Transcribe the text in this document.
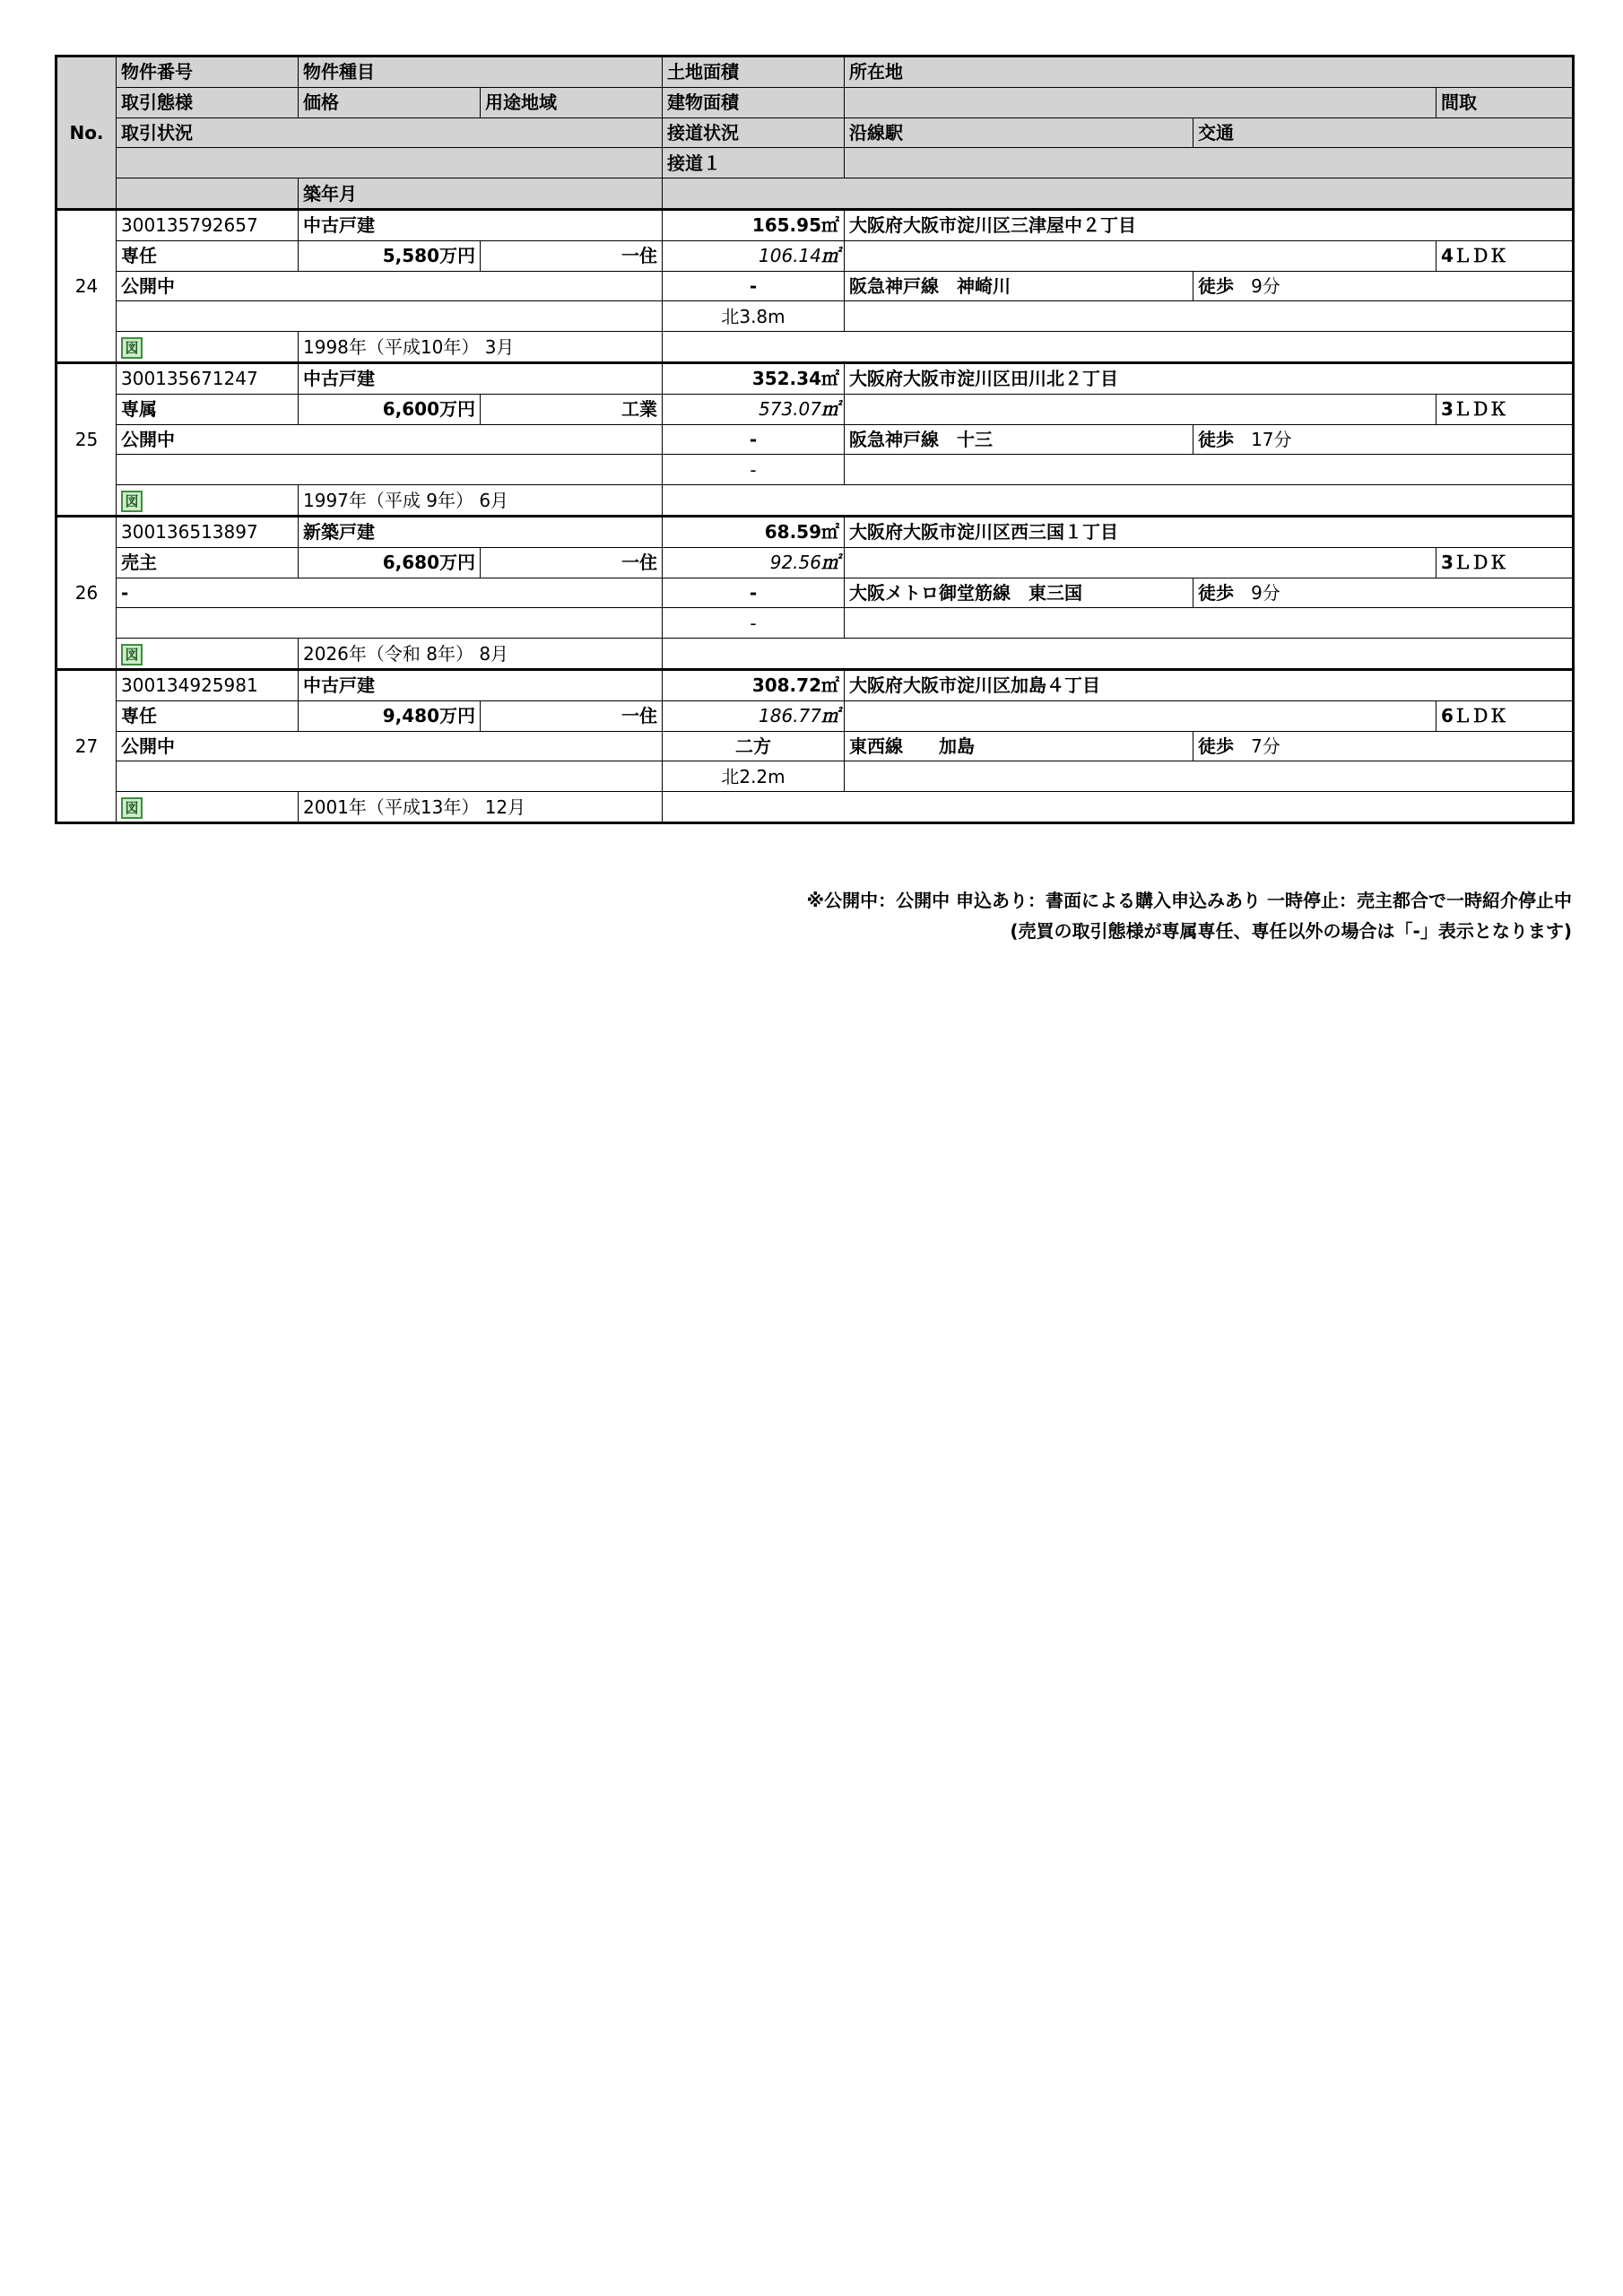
No.	物件番号	物件種目		土地面積	所在地		
	取引態様	価格	用途地域	建物面積			間取
	取引状況			接道状況	沿線駅	交通	
				接道１			
		築年月					
24	300135792657	中古戸建		165.95㎡	大阪府大阪市淀川区三津屋中２丁目		
	専任	5,580万円	一住	106.14㎡			4ＬＤＫ
	公開中			-	阪急神戸線　神崎川	徒歩 9分	
				北3.8m			
	図	1998年（平成10年） 3月					
25	300135671247	中古戸建		352.34㎡	大阪府大阪市淀川区田川北２丁目		
	専属	6,600万円	工業	573.07㎡			3ＬＤＫ
	公開中			-	阪急神戸線　十三	徒歩 17分	
				-			
	図	1997年（平成 9年） 6月					
26	300136513897	新築戸建		68.59㎡	大阪府大阪市淀川区西三国１丁目		
	売主	6,680万円	一住	92.56㎡			3ＬＤＫ
	-			-	大阪メトロ御堂筋線　東三国	徒歩 9分	
				-			
	図	2026年（令和 8年） 8月					
27	300134925981	中古戸建		308.72㎡	大阪府大阪市淀川区加島４丁目		
	専任	9,480万円	一住	186.77㎡			6ＬＤＫ
	公開中			二方	東西線　　加島	徒歩 7分	
				北2.2m			
	図	2001年（平成13年） 12月					
※公開中：公開中 申込あり：書面による購入申込みあり 一時停止：売主都合で一時紹介停止中
(売買の取引態様が専属専任、専任以外の場合は「-」表示となります)
